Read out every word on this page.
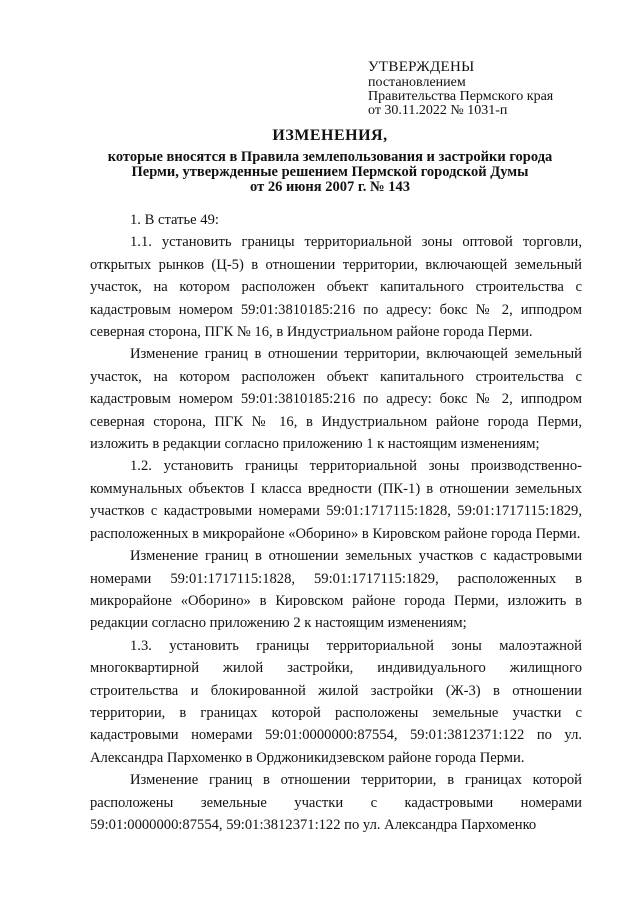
УТВЕРЖДЕНЫ
постановлением
Правительства Пермского края
от 30.11.2022 № 1031-п
ИЗМЕНЕНИЯ,
которые вносятся в Правила землепользования и застройки города
Перми, утвержденные решением Пермской городской Думы
от 26 июня 2007 г. № 143

1. В статье 49:

1.1. установить границы территориальной зоны оптовой торговли, открытых рынков (Ц-5) в отношении территории, включающей земельный участок, на котором расположен объект капитального строительства с кадастровым номером 59:01:3810185:216 по адресу: бокс № 2, ипподром северная сторона, ПГК № 16, в Индустриальном районе города Перми.

Изменение границ в отношении территории, включающей земельный участок, на котором расположен объект капитального строительства с кадастровым номером 59:01:3810185:216 по адресу: бокс № 2, ипподром северная сторона, ПГК № 16, в Индустриальном районе города Перми, изложить в редакции согласно приложению 1 к настоящим изменениям;

1.2. установить границы территориальной зоны производственно-коммунальных объектов I класса вредности (ПК-1) в отношении земельных участков с кадастровыми номерами 59:01:1717115:1828, 59:01:1717115:1829, расположенных в микрорайоне «Оборино» в Кировском районе города Перми.

Изменение границ в отношении земельных участков с кадастровыми номерами 59:01:1717115:1828, 59:01:1717115:1829, расположенных в микрорайоне «Оборино» в Кировском районе города Перми, изложить в редакции согласно приложению 2 к настоящим изменениям;

1.3. установить границы территориальной зоны малоэтажной многоквартирной жилой застройки, индивидуального жилищного строительства и блокированной жилой застройки (Ж-3) в отношении территории, в границах которой расположены земельные участки с кадастровыми номерами 59:01:0000000:87554, 59:01:3812371:122 по ул. Александра Пархоменко в Орджоникидзевском районе города Перми.

Изменение границ в отношении территории, в границах которой расположены земельные участки с кадастровыми номерами 59:01:0000000:87554, 59:01:3812371:122 по ул. Александра Пархоменко
